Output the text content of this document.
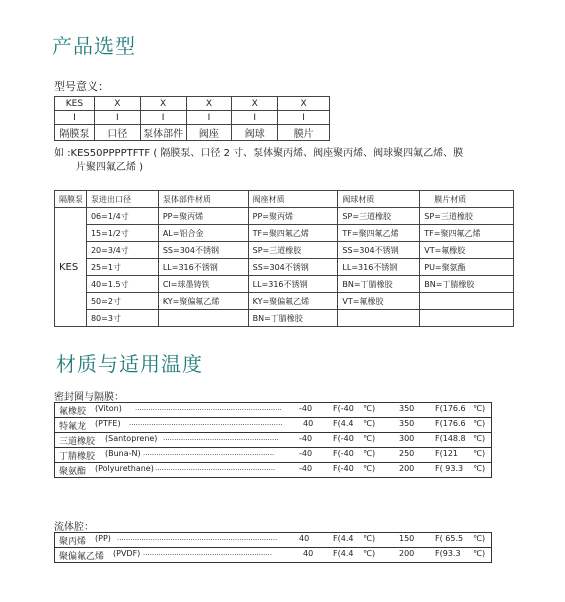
产品选型
型号意义：
KES	X	X	X	X	X
I	I	I	I	I	I
隔膜泵	口径	泵体部件	阀座	阀球	膜片
如 :KES50PPPPTFTF ( 隔膜泵、口径 2 寸、泵体聚丙烯、阀座聚丙烯、阀球聚四氟乙烯、膜
片聚四氟乙烯 )
隔膜泵	泵进出口径	泵体部件材质	阀座材质	阀球材质	膜片材质
KES	06=1/4寸	PP=聚丙烯	PP=聚丙烯	SP=三道橡胶	SP=三道橡胶
	15=1/2寸	AL=铝合金	TF=聚四氟乙烯	TF=聚四氟乙烯	TF=聚四氟乙烯
	20=3/4寸	SS=304不锈钢	SP=三道橡胶	SS=304不锈钢	VT=氟橡胶
	25=1寸	LL=316不锈钢	SS=304不锈钢	LL=316不锈钢	PU=聚氨酯
	40=1.5寸	CI=球墨铸铁	LL=316不锈钢	BN=丁腈橡胶	BN=丁腈橡胶
	50=2寸	KY=聚偏氟乙烯	KY=聚偏氟乙烯	VT=氟橡胶	
	80=3寸		BN=丁腈橡胶		
材质与适用温度
密封圈与隔膜：
氟橡胶 (Viton) .................................................................. -40	F(-40 ℃)	350	F(176.6 ℃)

特氟龙 (PTFE) .....................................................................	40 F(4.4 ℃)	350	F(176.6 ℃)

三道橡胶 (Santoprene) ....................................................	-40	F(-40 ℃)	300	F(148.8 ℃)

丁腈橡胶 (Buna-N) ...........................................................	-40	F(-40 ℃)	250	F(121 ℃)

聚氨酯 (Polyurethane) ......................................................	-40	F(-40 ℃)	200	F( 93.3 ℃)
流体腔：
聚丙烯 (PP) ........................................................................	40	F(4.4 ℃)	150	F( 65.5 ℃)

聚偏氟乙烯 (PVDF) ..........................................................	40 F(4.4 ℃)	200	F(93.3 ℃)
